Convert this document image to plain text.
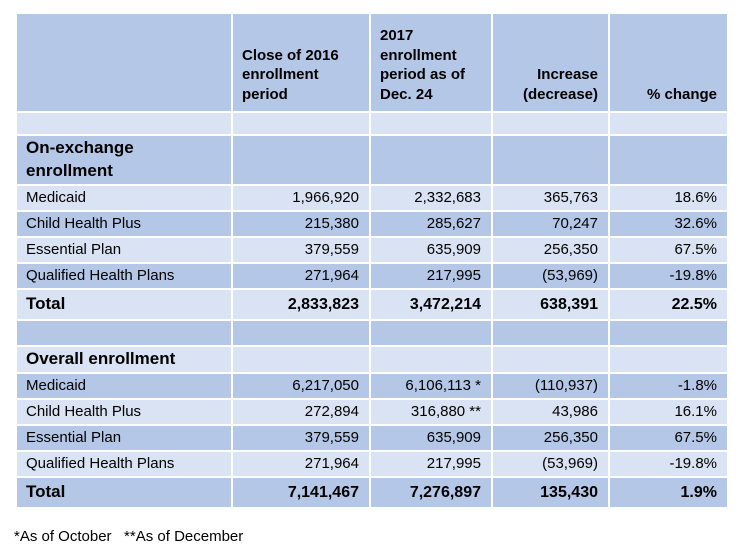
	Close of 2016 enrollment period	2017 enrollment period as of Dec. 24	Increase (decrease)	% change

On-exchange enrollment				
Medicaid	1,966,920	2,332,683	365,763	18.6%
Child Health Plus	215,380	285,627	70,247	32.6%
Essential Plan	379,559	635,909	256,350	67.5%
Qualified Health Plans	271,964	217,995	(53,969)	-19.8%
Total	2,833,823	3,472,214	638,391	22.5%

Overall enrollment				
Medicaid	6,217,050	6,106,113 *	(110,937)	-1.8%
Child Health Plus	272,894	316,880 **	43,986	16.1%
Essential Plan	379,559	635,909	256,350	67.5%
Qualified Health Plans	271,964	217,995	(53,969)	-19.8%
Total	7,141,467	7,276,897	135,430	1.9%
*As of October   **As of December
